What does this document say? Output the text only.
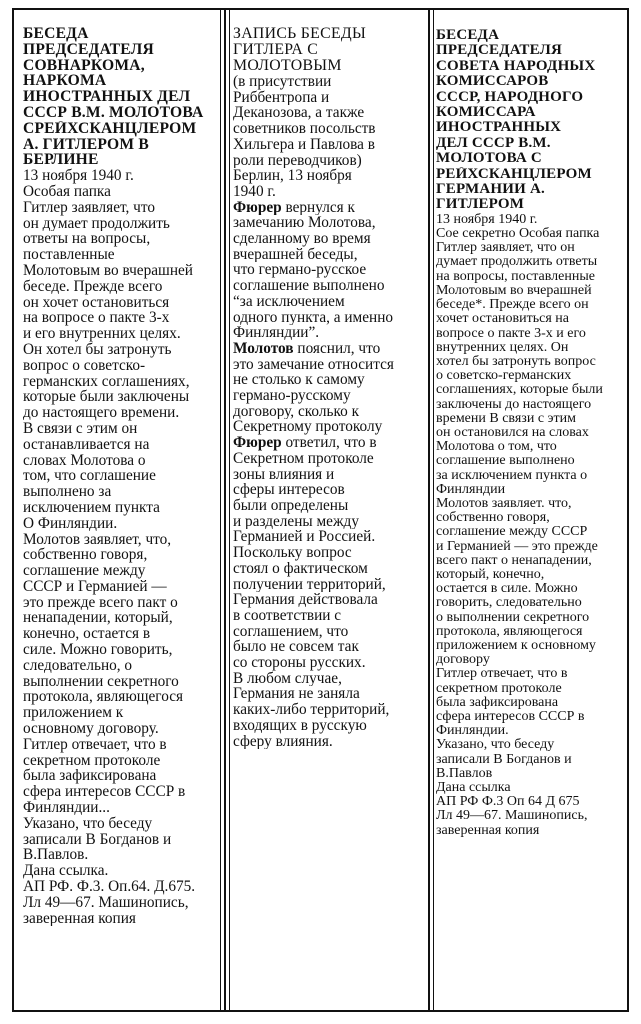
БЕСЕДА
ПРЕДСЕДАТЕЛЯ
СОВНАРКОМА,
НАРКОМА
ИНОСТРАННЫХ ДЕЛ
СССР В.М. МОЛОТОВА
СРЕЙХСКАНЦЛЕРОМ
А. ГИТЛЕРОМ В
БЕРЛИНЕ
13 ноября 1940 г.
Особая папка
Гитлер заявляет, что
он думает продолжить
ответы на вопросы,
поставленные
Молотовым во вчерашней
беседе. Прежде всего
он хочет остановиться
на вопросе о пакте 3-х
и его внутренних целях.
Он хотел бы затронуть
вопрос о советско-
германских соглашениях,
которые были заключены
до настоящего времени.
В связи с этим он
останавливается на
словах Молотова о
том, что соглашение
выполнено за
исключением пункта
О Финляндии.
Молотов заявляет, что,
собственно говоря,
соглашение между
СССР и Германией —
это прежде всего пакт о
ненападении, который,
конечно, остается в
силе. Можно говорить,
следовательно, о
выполнении секретного
протокола, являющегося
приложением к
основному договору.
Гитлер отвечает, что в
секретном протоколе
была зафиксирована
сфера интересов СССР в
Финляндии...
Указано, что беседу
записали В Богданов и
В.Павлов.
Дана ссылка.
АП РФ. Ф.3. Оп.64. Д.675.
Лл 49—67. Машинопись,
заверенная копия
ЗАПИСЬ БЕСЕДЫ
ГИТЛЕРА С
МОЛОТОВЫМ
(в присутствии
Риббентропа и
Деканозова, а также
советников посольств
Хильгера и Павлова в
роли переводчиков)
Берлин, 13 ноября
1940 г.
Фюрер вернулся к
замечанию Молотова,
сделанному во время
вчерашней беседы,
что германо-русское
соглашение выполнено
“за исключением
одного пункта, а именно
Финляндии”.
Молотов пояснил, что
это замечание относится
не столько к самому
германо-русскому
договору, сколько к
Секретному протоколу
Фюрер ответил, что в
Секретном протоколе
зоны влияния и
сферы интересов
были определены
и разделены между
Германией и Россией.
Поскольку вопрос
стоял о фактическом
получении территорий,
Германия действовала
в соответствии с
соглашением, что
было не совсем так
со стороны русских.
В любом случае,
Германия не заняла
каких-либо территорий,
входящих в русскую
сферу влияния.
БЕСЕДА
ПРЕДСЕДАТЕЛЯ
СОВЕТА НАРОДНЫХ
КОМИССАРОВ
СССР, НАРОДНОГО
КОМИССАРА
ИНОСТРАННЫХ
ДЕЛ СССР В.М.
МОЛОТОВА С
РЕЙХСКАНЦЛЕРОМ
ГЕРМАНИИ А.
ГИТЛЕРОМ
13 ноября 1940 г.
Сое секретно Особая папка
Гитлер заявляет, что он
думает продолжить ответы
на вопросы, поставленные
Молотовым во вчерашней
беседе*. Прежде всего он
хочет остановиться на
вопросе о пакте 3-х и его
внутренних целях. Он
хотел бы затронуть вопрос
о советско-германских
соглашениях, которые были
заключены до настоящего
времени В связи с этим
он остановился на словах
Молотова о том, что
соглашение выполнено
за исключением пункта о
Финляндии
Молотов заявляет. что,
собственно говоря,
соглашение между СССР
и Германией — это прежде
всего пакт о ненападении,
который, конечно,
остается в силе. Можно
говорить, следовательно
о выполнении секретного
протокола, являющегося
приложением к основному
договору
Гитлер отвечает, что в
секретном протоколе
была зафиксирована
сфера интересов СССР в
Финляндии.
Указано, что беседу
записали В Богданов и
В.Павлов
Дана ссылка
АП РФ Ф.3 Оп 64 Д 675
Лл 49—67. Машинопись,
заверенная копия
